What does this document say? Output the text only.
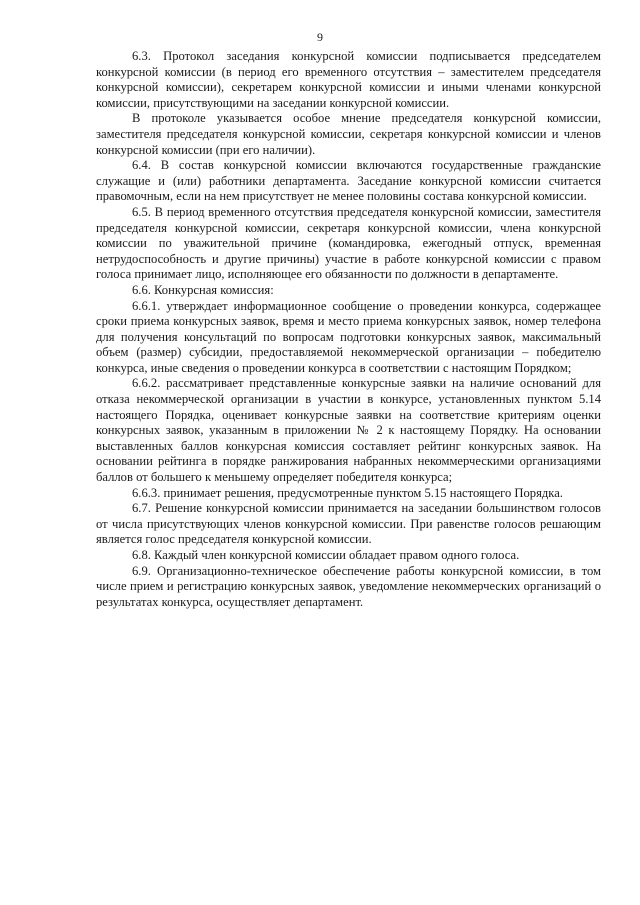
9

6.3. Протокол заседания конкурсной комиссии подписывается председателем конкурсной комиссии (в период его временного отсутствия – заместителем председателя конкурсной комиссии), секретарем конкурсной комиссии и иными членами конкурсной комиссии, присутствующими на заседании конкурсной комиссии.

В протоколе указывается особое мнение председателя конкурсной комиссии, заместителя председателя конкурсной комиссии, секретаря конкурсной комиссии и членов конкурсной комиссии (при его наличии).

6.4. В состав конкурсной комиссии включаются государственные гражданские служащие и (или) работники департамента. Заседание конкурсной комиссии считается правомочным, если на нем присутствует не менее половины состава конкурсной комиссии.

6.5. В период временного отсутствия председателя конкурсной комиссии, заместителя председателя конкурсной комиссии, секретаря конкурсной комиссии, члена конкурсной комиссии по уважительной причине (командировка, ежегодный отпуск, временная нетрудоспособность и другие причины) участие в работе конкурсной комиссии с правом голоса принимает лицо, исполняющее его обязанности по должности в департаменте.

6.6. Конкурсная комиссия:

6.6.1. утверждает информационное сообщение о проведении конкурса, содержащее сроки приема конкурсных заявок, время и место приема конкурсных заявок, номер телефона для получения консультаций по вопросам подготовки конкурсных заявок, максимальный объем (размер) субсидии, предоставляемой некоммерческой организации – победителю конкурса, иные сведения о проведении конкурса в соответствии с настоящим Порядком;

6.6.2. рассматривает представленные конкурсные заявки на наличие оснований для отказа некоммерческой организации в участии в конкурсе, установленных пунктом 5.14 настоящего Порядка, оценивает конкурсные заявки на соответствие критериям оценки конкурсных заявок, указанным в приложении № 2 к настоящему Порядку. На основании выставленных баллов конкурсная комиссия составляет рейтинг конкурсных заявок. На основании рейтинга в порядке ранжирования набранных некоммерческими организациями баллов от большего к меньшему определяет победителя конкурса;

6.6.3. принимает решения, предусмотренные пунктом 5.15 настоящего Порядка.

6.7. Решение конкурсной комиссии принимается на заседании большинством голосов от числа присутствующих членов конкурсной комиссии. При равенстве голосов решающим является голос председателя конкурсной комиссии.

6.8. Каждый член конкурсной комиссии обладает правом одного голоса.

6.9. Организационно-техническое обеспечение работы конкурсной комиссии, в том числе прием и регистрацию конкурсных заявок, уведомление некоммерческих организаций о результатах конкурса, осуществляет департамент.
